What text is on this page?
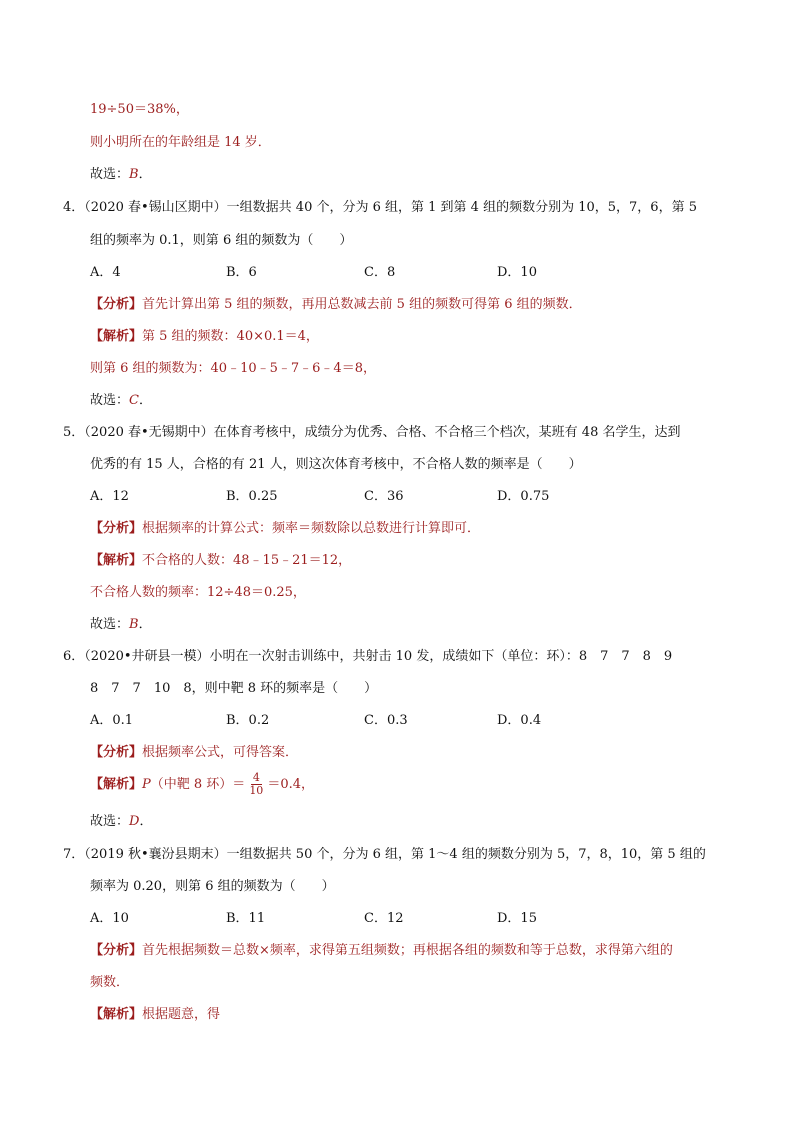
19÷50＝38%，
则小明所在的年龄组是 14 岁．
故选：B．
4．（2020 春•锡山区期中）一组数据共 40 个，分为 6 组，第 1 到第 4 组的频数分别为 10，5，7，6，第 5
组的频率为 0.1，则第 6 组的频数为（　　）
A．4	B．6	C．8	D．10
【分析】首先计算出第 5 组的频数，再用总数减去前 5 组的频数可得第 6 组的频数．
【解析】第 5 组的频数：40×0.1＝4，
则第 6 组的频数为：40﹣10﹣5﹣7﹣6﹣4＝8，
故选：C．
5．（2020 春•无锡期中）在体育考核中，成绩分为优秀、合格、不合格三个档次，某班有 48 名学生，达到
优秀的有 15 人，合格的有 21 人，则这次体育考核中，不合格人数的频率是（　　）
A．12	B．0.25	C．36	D．0.75
【分析】根据频率的计算公式：频率＝频数除以总数进行计算即可．
【解析】不合格的人数：48﹣15﹣21＝12，
不合格人数的频率：12÷48＝0.25，
故选：B．
6．（2020•井研县一模）小明在一次射击训练中，共射击 10 发，成绩如下（单位：环）：8　7　7　8　9
8　7　7　10　8，则中靶 8 环的频率是（　　）
A．0.1	B．0.2	C．0.3	D．0.4
【分析】根据频率公式，可得答案．
【解析】P（中靶 8 环）＝ $\frac{4}{10} =0.4$，
故选：D．
7．（2019 秋•襄汾县期末）一组数据共 50 个，分为 6 组，第 1～4 组的频数分别为 5，7，8，10，第 5 组的
频率为 0.20，则第 6 组的频数为（　　）
A．10	B．11	C．12	D．15
【分析】首先根据频数＝总数×频率，求得第五组频数；再根据各组的频数和等于总数，求得第六组的
频数．
【解析】根据题意，得
